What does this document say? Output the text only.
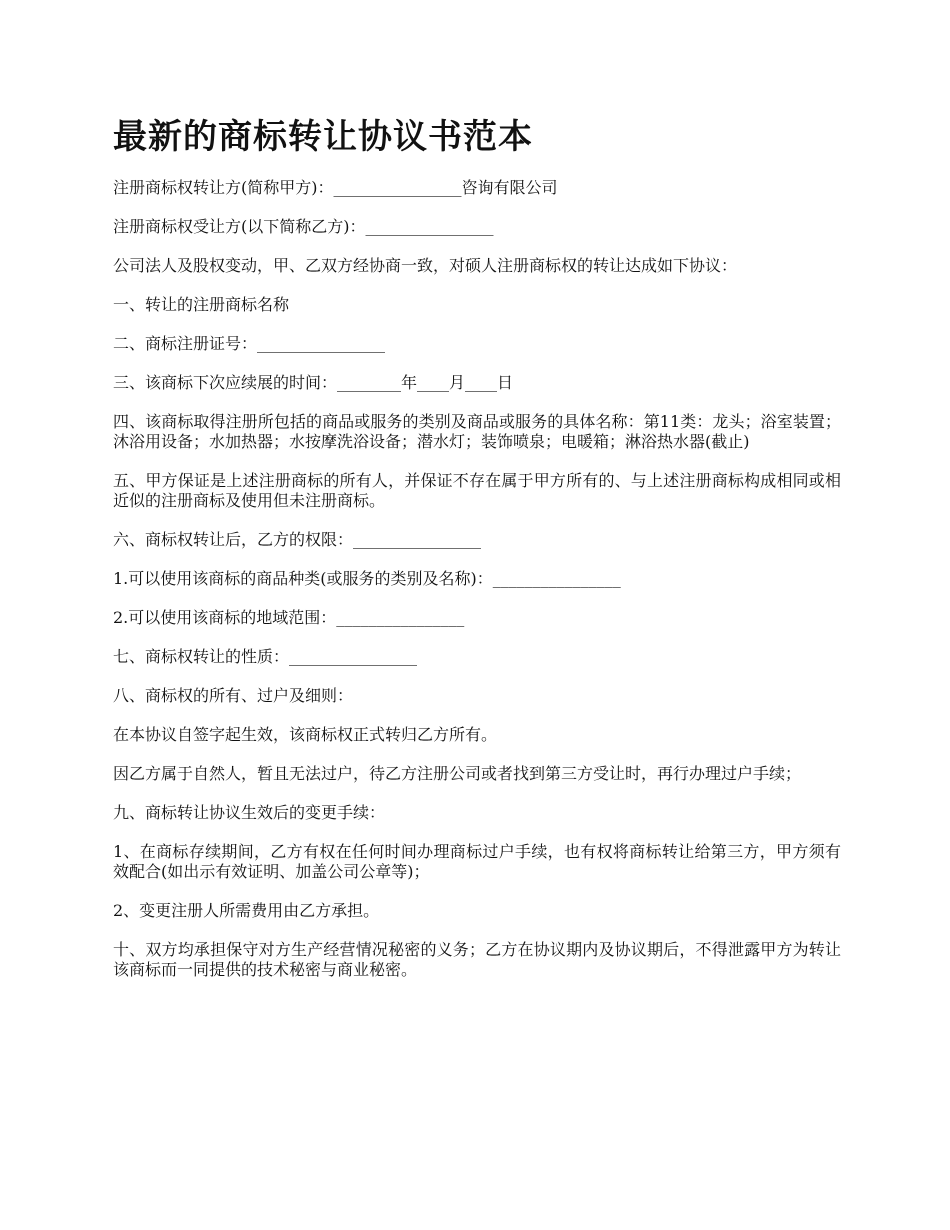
最新的商标转让协议书范本

注册商标权转让方(简称甲方)：________________咨询有限公司

注册商标权受让方(以下简称乙方)：________________

公司法人及股权变动，甲、乙双方经协商一致，对硕人注册商标权的转让达成如下协议：

一、转让的注册商标名称

二、商标注册证号：________________

三、该商标下次应续展的时间：________年____月____日

四、该商标取得注册所包括的商品或服务的类别及商品或服务的具体名称：第11类：龙头；浴室装置；沐浴用设备；水加热器；水按摩洗浴设备；潜水灯；装饰喷泉；电暖箱；淋浴热水器(截止)

五、甲方保证是上述注册商标的所有人，并保证不存在属于甲方所有的、与上述注册商标构成相同或相近似的注册商标及使用但未注册商标。

六、商标权转让后，乙方的权限：________________

1.可以使用该商标的商品种类(或服务的类别及名称)：________________

2.可以使用该商标的地域范围：________________

七、商标权转让的性质：________________

八、商标权的所有、过户及细则：

在本协议自签字起生效，该商标权正式转归乙方所有。

因乙方属于自然人，暂且无法过户，待乙方注册公司或者找到第三方受让时，再行办理过户手续；

九、商标转让协议生效后的变更手续：

1、在商标存续期间，乙方有权在任何时间办理商标过户手续，也有权将商标转让给第三方，甲方须有效配合(如出示有效证明、加盖公司公章等)；

2、变更注册人所需费用由乙方承担。

十、双方均承担保守对方生产经营情况秘密的义务；乙方在协议期内及协议期后，不得泄露甲方为转让该商标而一同提供的技术秘密与商业秘密。
